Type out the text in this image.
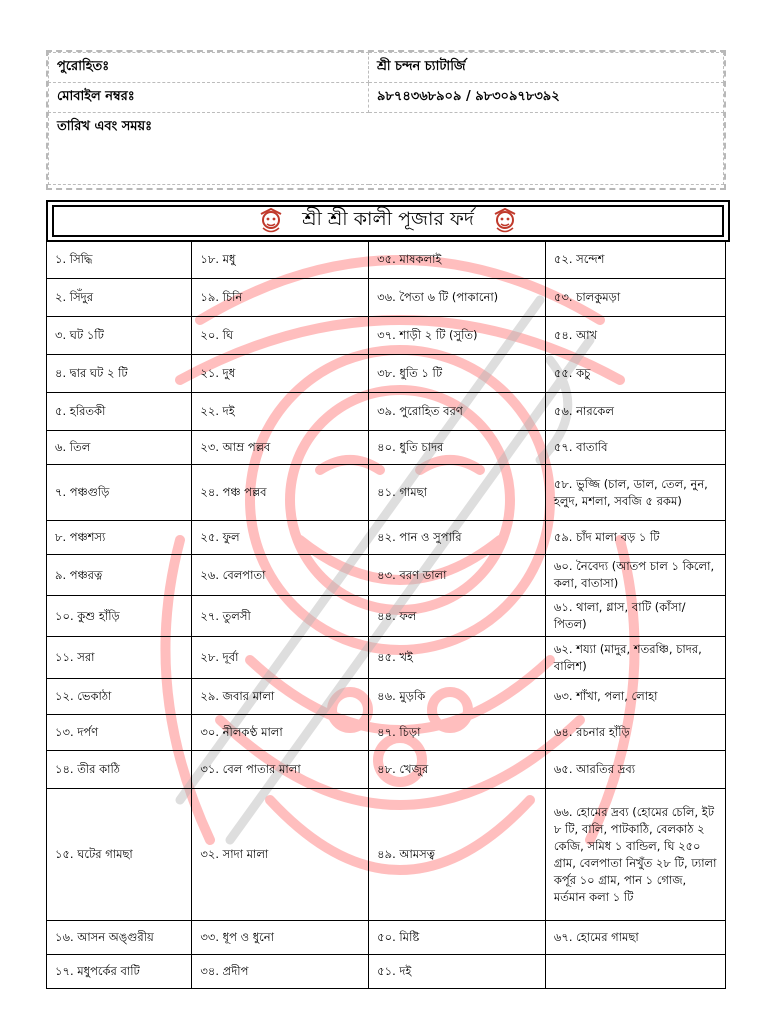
পুরোহিতঃ	শ্রী চন্দন চ্যাটার্জি
মোবাইল নম্বরঃ	৯৮৭৪৩৬৮৯০৯ / ৯৮৩০৯৭৮৩৯২
তারিখ এবং সময়ঃ	
শ্রী শ্রী কালী পূজার ফর্দ
১. সিদ্ধি	১৮. মধু	৩৫. মাষকলাই	৫২. সন্দেশ
২. সিঁদুর	১৯. চিনি	৩৬. পৈতা ৬ টি (পাকানো)	৫৩. চালকুমড়া
৩. ঘট ১টি	২০. ঘি	৩৭. শাড়ী ২ টি (সুতি)	৫৪. আখ
৪. দ্বার ঘট ২ টি	২১. দুধ	৩৮. ধুতি ১ টি	৫৫. কচু
৫. হরিতকী	২২. দই	৩৯. পুরোহিত বরণ	৫৬. নারকেল
৬. তিল	২৩. আম্র পল্লব	৪০. ধুতি চাদর	৫৭. বাতাবি
৭. পঞ্চগুড়ি	২৪. পঞ্চ পল্লব	৪১. গামছা	৫৮. ভুজ্জি (চাল, ডাল, তেল, নুন, হলুদ, মশলা, সবজি ৫ রকম)
৮. পঞ্চশস্য	২৫. ফুল	৪২. পান ও সুপারি	৫৯. চাঁদ মালা বড় ১ টি
৯. পঞ্চরত্ন	২৬. বেলপাতা	৪৩. বরণ ডালা	৬০. নৈবেদ্য (আতপ চাল ১ কিলো, কলা, বাতাসা)
১০. কুশু হাঁড়ি	২৭. তুলসী	৪৪. ফল	৬১. থালা, গ্লাস, বাটি (কাঁসা/পিতল)
১১. সরা	২৮. দূর্বা	৪৫. খই	৬২. শয্যা (মাদুর, শতরঞ্চি, চাদর, বালিশ)
১২. ভেকাঠা	২৯. জবার মালা	৪৬. মুড়কি	৬৩. শাঁখা, পলা, লোহা
১৩. দর্পণ	৩০. নীলকণ্ঠ মালা	৪৭. চিড়া	৬৪. রচনার হাঁড়ি
১৪. তীর কাঠি	৩১. বেল পাতার মালা	৪৮. খেজুর	৬৫. আরতির দ্রব্য
১৫. ঘটের গামছা	৩২. সাদা মালা	৪৯. আমসত্ব	৬৬. হোমের দ্রব্য (হোমের চেলি, ইট ৮ টি, বালি, পাটকাঠি, বেলকাঠ ২ কেজি, সমিধ ১ বান্ডিল, ঘি ২৫০ গ্রাম, বেলপাতা নিখুঁত ২৮ টি, ঢ্যালা কর্পূর ১০ গ্রাম, পান ১ গোজ, মর্তমান কলা ১ টি
১৬. আসন অঙ্গুরীয়	৩৩. ধূপ ও ধুনো	৫০. মিষ্টি	৬৭. হোমের গামছা
১৭. মধুপর্কের বাটি	৩৪. প্রদীপ	৫১. দই	
